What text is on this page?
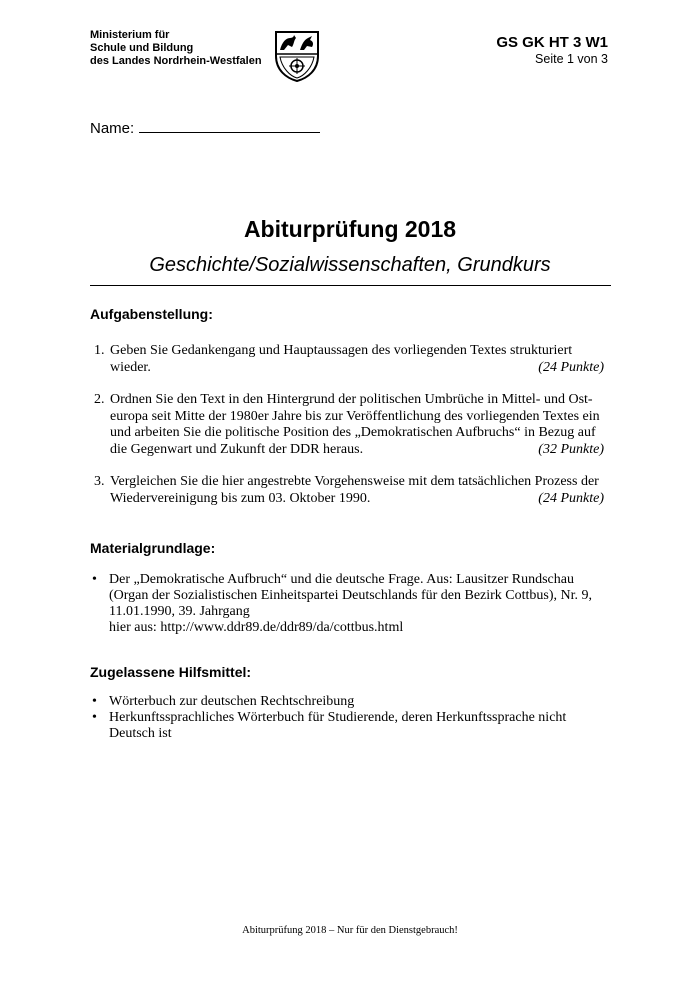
Ministerium für
Schule und Bildung
des Landes Nordrhein-Westfalen
GS GK HT 3 W1
Seite 1 von 3
Name:
Abiturprüfung 2018
Geschichte/Sozialwissenschaften, Grundkurs
Aufgabenstellung:
1. Geben Sie Gedankengang und Hauptaussagen des vorliegenden Textes strukturiert
(24 Punkte)
wieder.
2. Ordnen Sie den Text in den Hintergrund der politischen Umbrüche in Mittel- und Ost-
europa seit Mitte der 1980er Jahre bis zur Veröffentlichung des vorliegenden Textes ein
und arbeiten Sie die politische Position des „Demokratischen Aufbruchs“ in Bezug auf
(32 Punkte)
die Gegenwart und Zukunft der DDR heraus.
3. Vergleichen Sie die hier angestrebte Vorgehensweise mit dem tatsächlichen Prozess der
(24 Punkte)
Wiedervereinigung bis zum 03. Oktober 1990.
Materialgrundlage:
• Der „Demokratische Aufbruch“ und die deutsche Frage. Aus: Lausitzer Rundschau
(Organ der Sozialistischen Einheitspartei Deutschlands für den Bezirk Cottbus), Nr. 9,
11.01.1990, 39. Jahrgang
hier aus: http://www.ddr89.de/ddr89/da/cottbus.html
Zugelassene Hilfsmittel:
• Wörterbuch zur deutschen Rechtschreibung
• Herkunftssprachliches Wörterbuch für Studierende, deren Herkunftssprache nicht
Deutsch ist
Abiturprüfung 2018 – Nur für den Dienstgebrauch!
